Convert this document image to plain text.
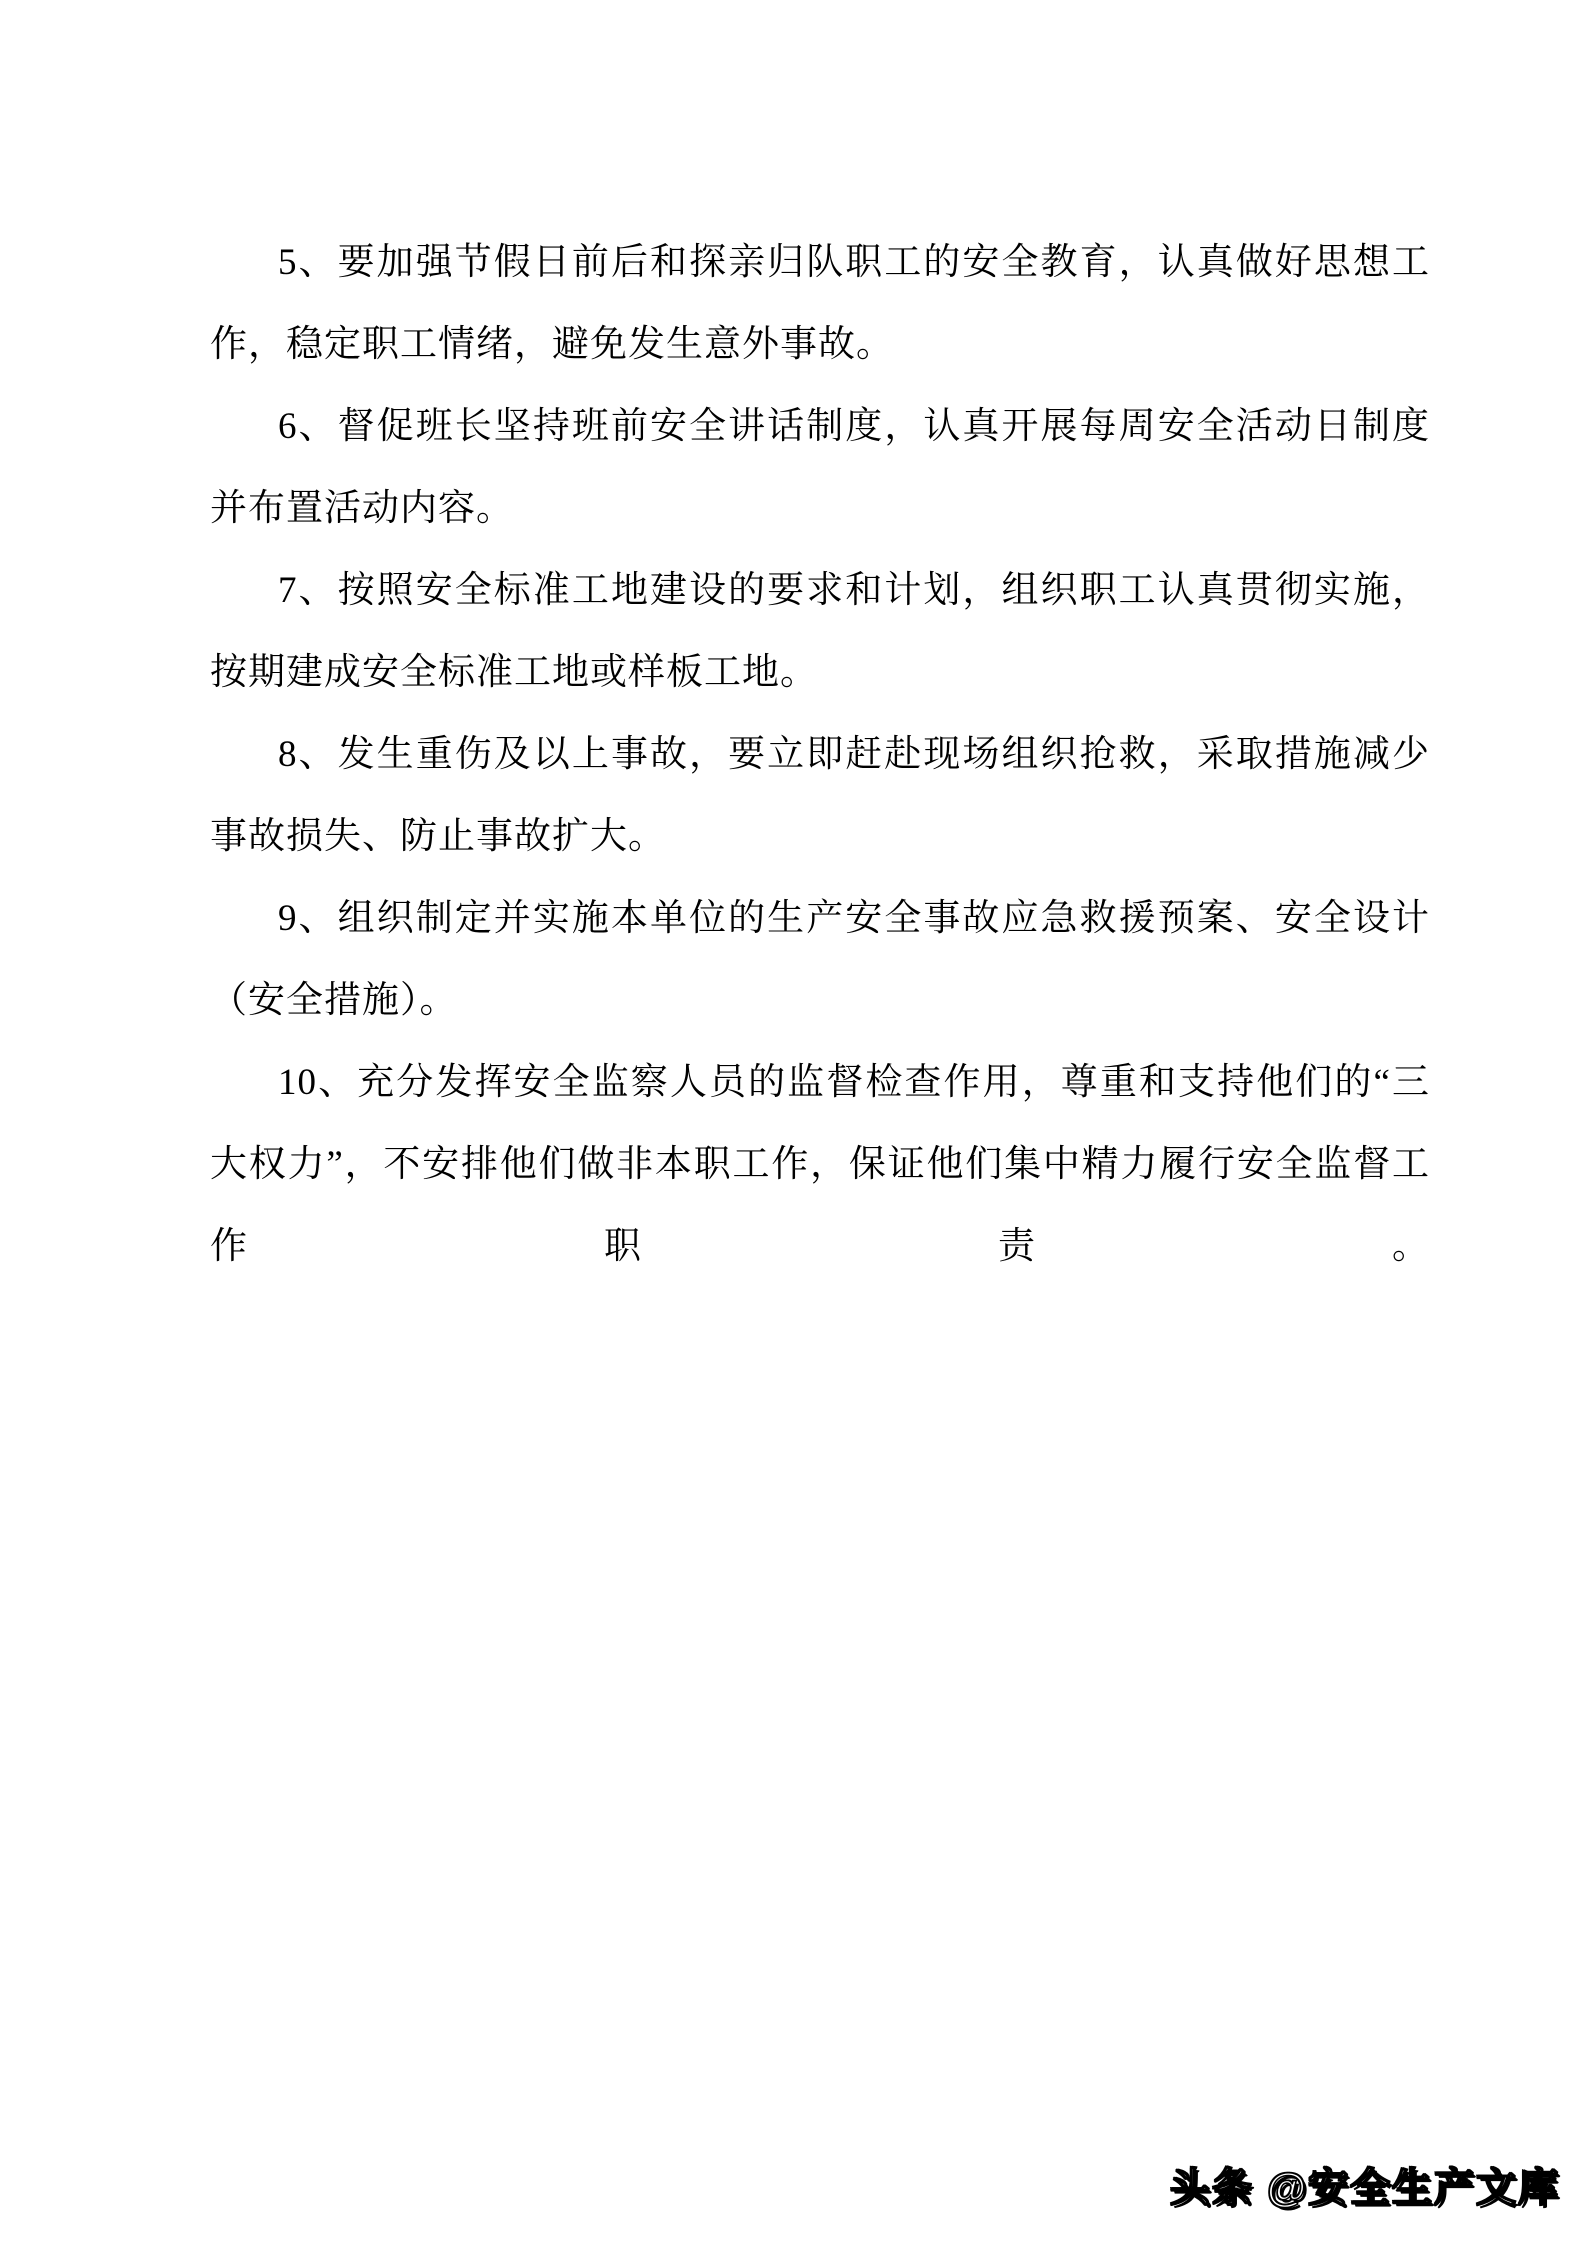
5、要加强节假日前后和探亲归队职工的安全教育，认真做好思想工
作，稳定职工情绪，避免发生意外事故。
6、督促班长坚持班前安全讲话制度，认真开展每周安全活动日制度
并布置活动内容。
7、按照安全标准工地建设的要求和计划，组织职工认真贯彻实施，
按期建成安全标准工地或样板工地。
8、发生重伤及以上事故，要立即赶赴现场组织抢救，采取措施减少
事故损失、防止事故扩大。
9、组织制定并实施本单位的生产安全事故应急救援预案、安全设计
（安全措施）。
10、充分发挥安全监察人员的监督检查作用，尊重和支持他们的“三
大权力”，不安排他们做非本职工作，保证他们集中精力履行安全监督工
作	职	责	。
头条 @安全生产文库
